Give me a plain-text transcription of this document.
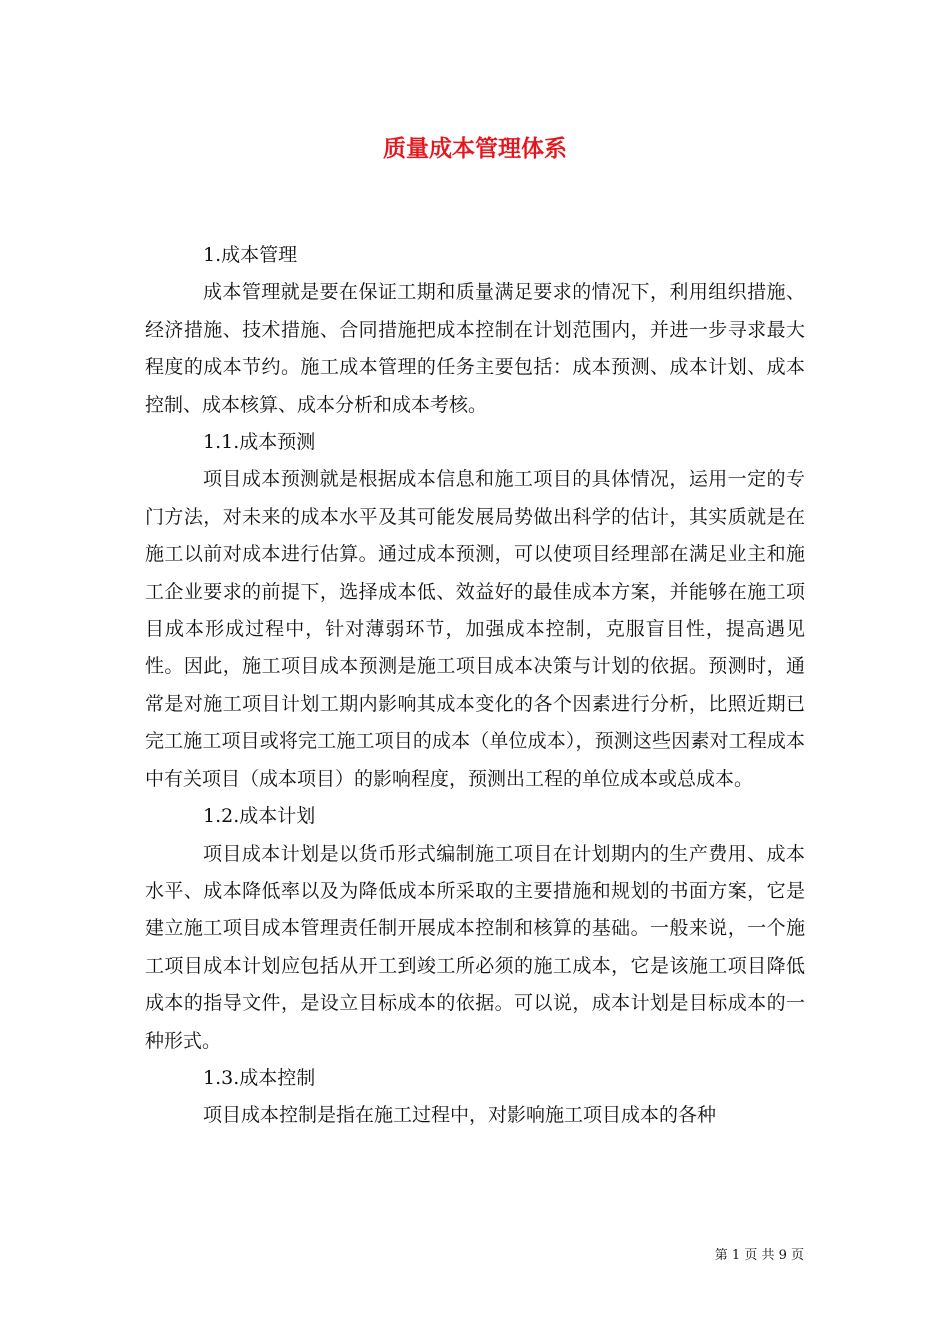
质量成本管理体系

1.成本管理

成本管理就是要在保证工期和质量满足要求的情况下，利用组织措施、经济措施、技术措施、合同措施把成本控制在计划范围内，并进一步寻求最大程度的成本节约。施工成本管理的任务主要包括：成本预测、成本计划、成本控制、成本核算、成本分析和成本考核。

1.1.成本预测

项目成本预测就是根据成本信息和施工项目的具体情况，运用一定的专门方法，对未来的成本水平及其可能发展局势做出科学的估计，其实质就是在施工以前对成本进行估算。通过成本预测，可以使项目经理部在满足业主和施工企业要求的前提下，选择成本低、效益好的最佳成本方案，并能够在施工项目成本形成过程中，针对薄弱环节，加强成本控制，克服盲目性，提高遇见性。因此，施工项目成本预测是施工项目成本决策与计划的依据。预测时，通常是对施工项目计划工期内影响其成本变化的各个因素进行分析，比照近期已完工施工项目或将完工施工项目的成本（单位成本），预测这些因素对工程成本中有关项目（成本项目）的影响程度，预测出工程的单位成本或总成本。

1.2.成本计划

项目成本计划是以货币形式编制施工项目在计划期内的生产费用、成本水平、成本降低率以及为降低成本所采取的主要措施和规划的书面方案，它是建立施工项目成本管理责任制开展成本控制和核算的基础。一般来说，一个施工项目成本计划应包括从开工到竣工所必须的施工成本，它是该施工项目降低成本的指导文件，是设立目标成本的依据。可以说，成本计划是目标成本的一种形式。

1.3.成本控制

项目成本控制是指在施工过程中，对影响施工项目成本的各种

第 1 页 共 9 页
